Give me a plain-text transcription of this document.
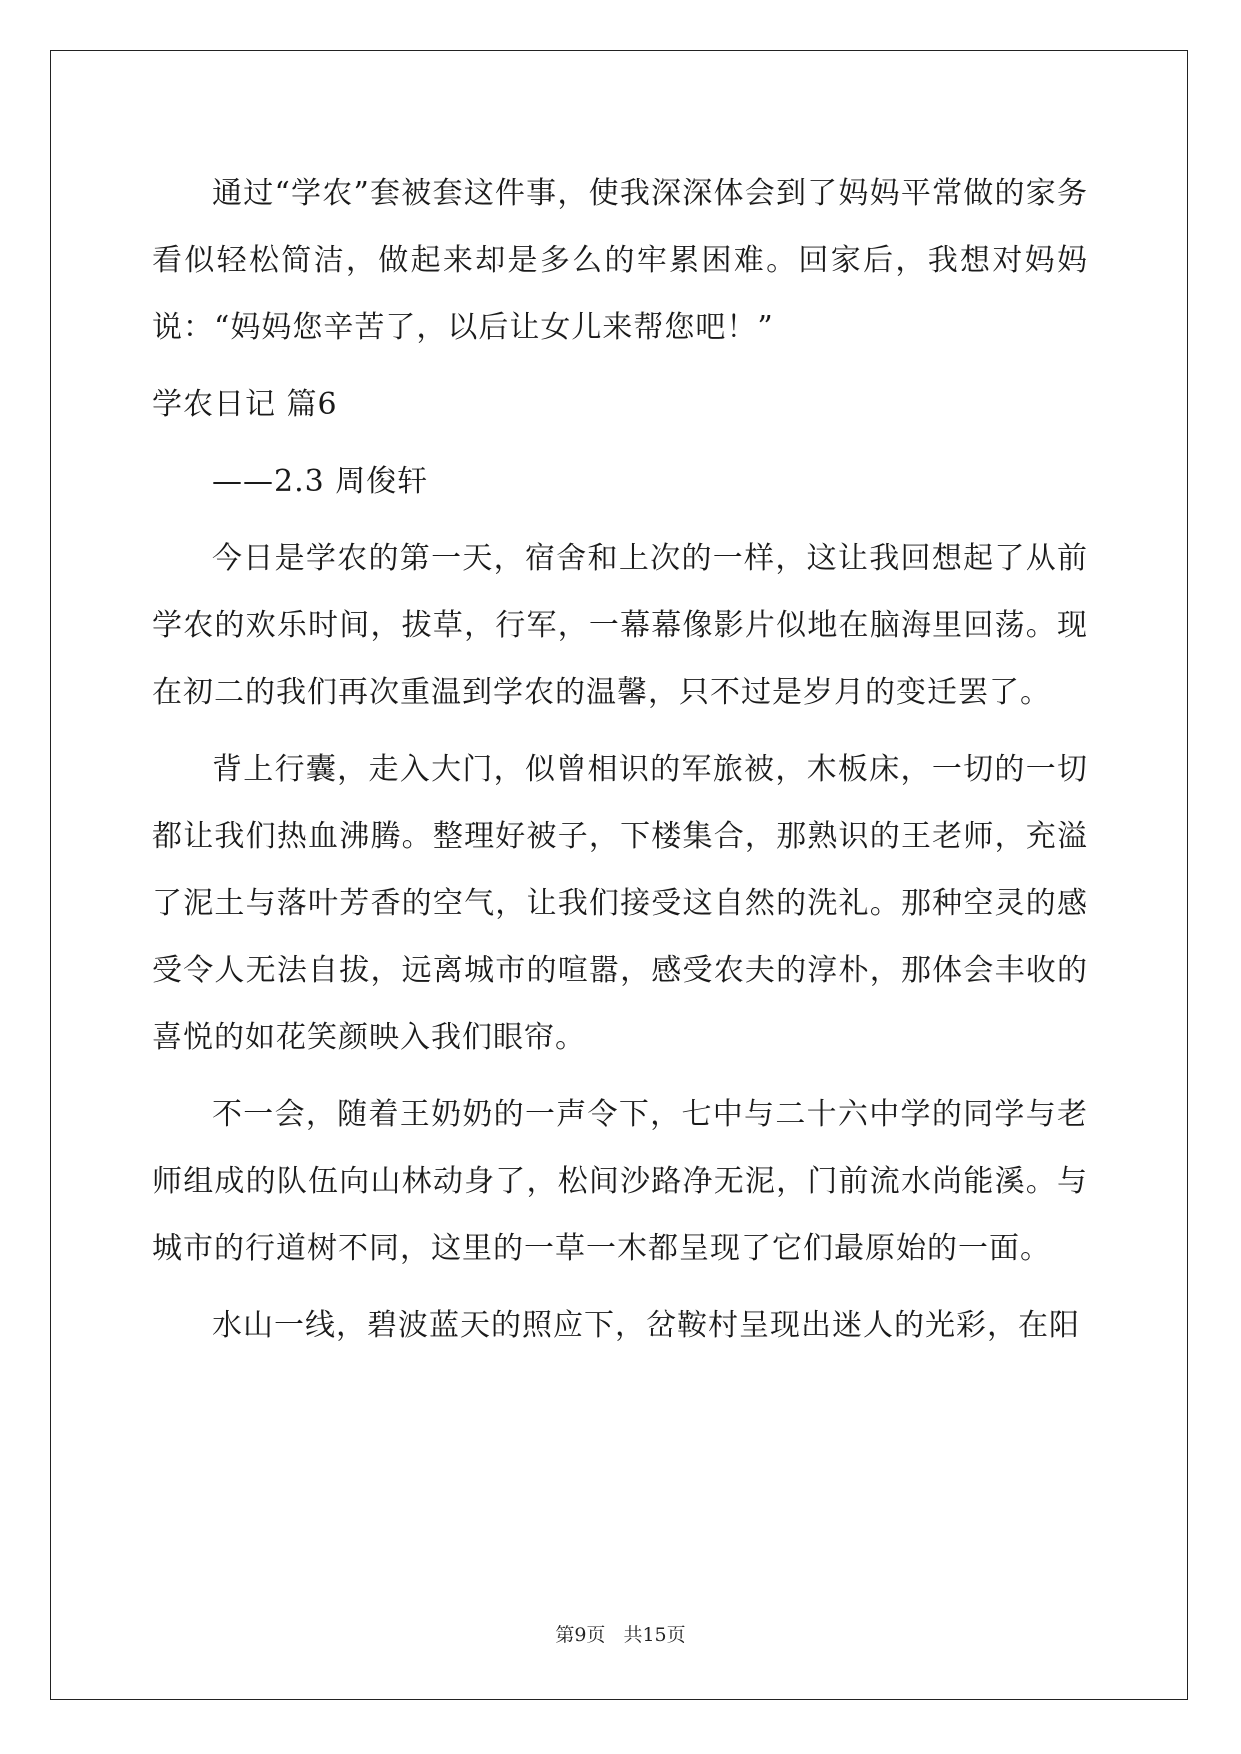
通过“学农”套被套这件事，使我深深体会到了妈妈平常做的家务看似轻松简洁，做起来却是多么的牢累困难。回家后，我想对妈妈说：“妈妈您辛苦了，以后让女儿来帮您吧！”

学农日记 篇6

——2.3 周俊轩

今日是学农的第一天，宿舍和上次的一样，这让我回想起了从前学农的欢乐时间，拔草，行军，一幕幕像影片似地在脑海里回荡。现在初二的我们再次重温到学农的温馨，只不过是岁月的变迁罢了。

背上行囊，走入大门，似曾相识的军旅被，木板床，一切的一切都让我们热血沸腾。整理好被子，下楼集合，那熟识的王老师，充溢了泥土与落叶芳香的空气，让我们接受这自然的洗礼。那种空灵的感受令人无法自拔，远离城市的喧嚣，感受农夫的淳朴，那体会丰收的喜悦的如花笑颜映入我们眼帘。

不一会，随着王奶奶的一声令下，七中与二十六中学的同学与老师组成的队伍向山林动身了，松间沙路净无泥，门前流水尚能溪。与城市的行道树不同，这里的一草一木都呈现了它们最原始的一面。

水山一线，碧波蓝天的照应下，岔鞍村呈现出迷人的光彩，在阳

第9页 共15页
